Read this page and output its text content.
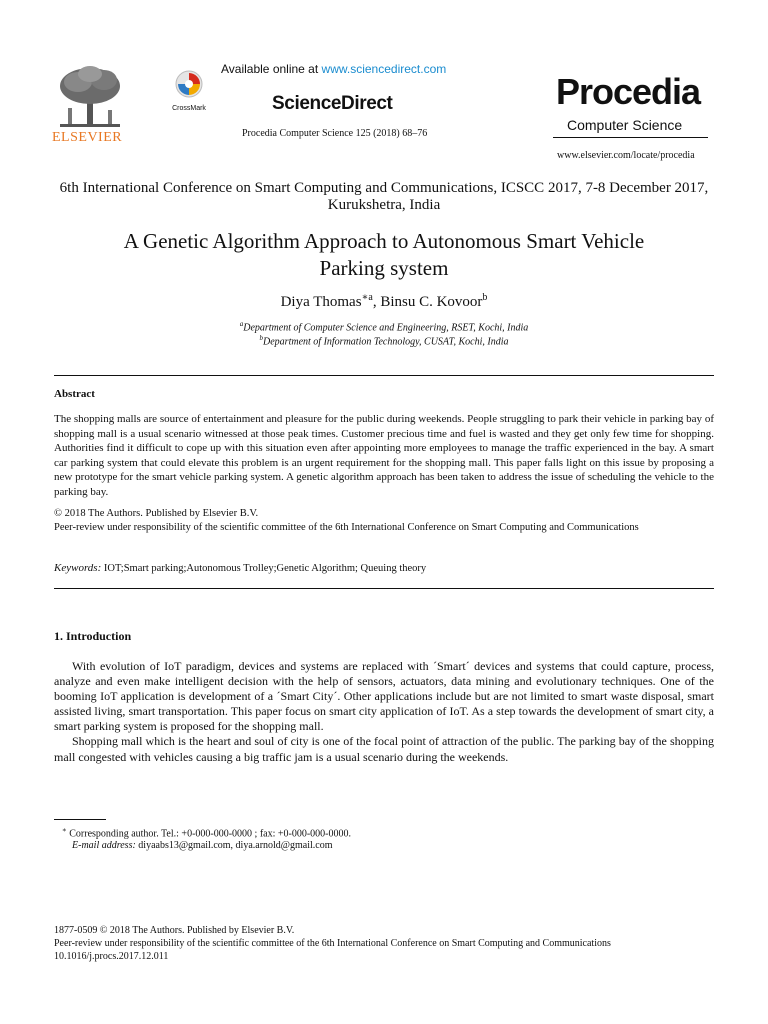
ELSEVIER
CrossMark
Available online at www.sciencedirect.com
ScienceDirect
Procedia Computer Science 125 (2018) 68–76
Procedia
Computer Science
www.elsevier.com/locate/procedia
6th International Conference on Smart Computing and Communications, ICSCC 2017, 7-8 December 2017, Kurukshetra, India
A Genetic Algorithm Approach to Autonomous Smart Vehicle
Parking system
Diya Thomas$^{∗a}$, Binsu C. Kovoor$^b$
$^a$Department of Computer Science and Engineering, RSET, Kochi, India
$^b$Department of Information Technology, CUSAT, Kochi, India
Abstract
The shopping malls are source of entertainment and pleasure for the public during weekends. People struggling to park their vehicle in parking bay of shopping mall is a usual scenario witnessed at those peak times. Customer precious time and fuel is wasted and they get only few time for shopping. Authorities find it difficult to cope up with this situation even after appointing more employees to manage the traffic experienced in the bay. A smart car parking system that could elevate this problem is an urgent requirement for the shopping mall. This paper falls light on this issue by proposing a new prototype for the smart vehicle parking system. A genetic algorithm approach has been taken to address the issue of scheduling the vehicle to the parking bay.
© 2018 The Authors. Published by Elsevier B.V.
Peer-review under responsibility of the scientific committee of the 6th International Conference on Smart Computing and Communications
Keywords: IOT;Smart parking;Autonomous Trolley;Genetic Algorithm; Queuing theory
1. Introduction

With evolution of IoT paradigm, devices and systems are replaced with ´Smart´ devices and systems that could capture, process, analyze and even make intelligent decision with the help of sensors, actuators, data mining and evolutionary techniques. One of the booming IoT application is development of a ´Smart City´. Other applications include but are not limited to smart waste disposal, smart assisted living, smart transportation. This paper focus on smart city application of IoT. As a step towards the development of smart city, a smart parking system is proposed for the shopping mall.

Shopping mall which is the heart and soul of city is one of the focal point of attraction of the public. The parking bay of the shopping mall congested with vehicles causing a big traffic jam is a usual scenario during the weekends.

∗ Corresponding author. Tel.: +0-000-000-0000 ; fax: +0-000-000-0000.
E-mail address: diyaabs13@gmail.com, diya.arnold@gmail.com
1877-0509 © 2018 The Authors. Published by Elsevier B.V.
Peer-review under responsibility of the scientific committee of the 6th International Conference on Smart Computing and Communications
10.1016/j.procs.2017.12.011
